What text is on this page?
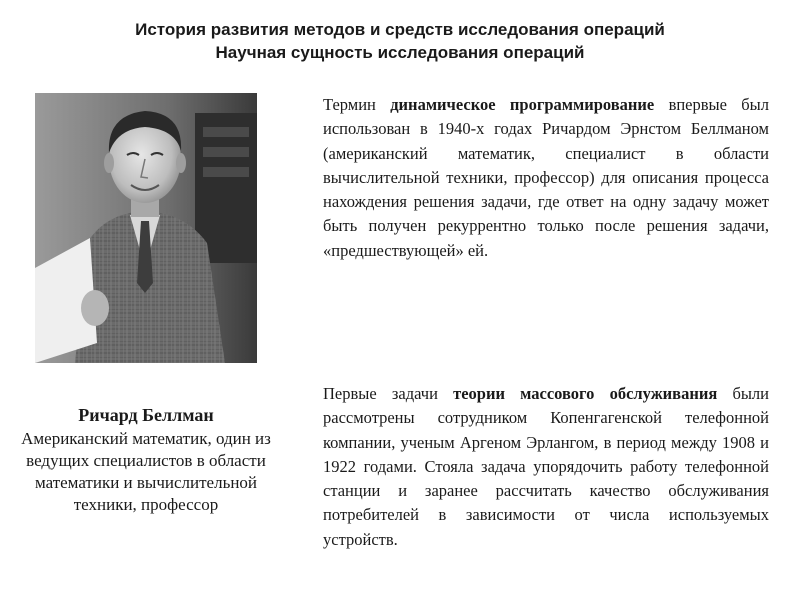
История развития методов и средств исследования операций
Научная сущность исследования операций
Ричард Беллман
Американский математик, один из ведущих специалистов в области математики и вычислительной техники, профессор
Термин динамическое программирование впервые был использован в 1940-х годах Ричардом Эрнстом Беллманом (американский математик, специалист в области вычислительной техники, профессор) для описания процесса нахождения решения задачи, где ответ на одну задачу может быть получен рекуррентно только после решения задачи, «предшествующей» ей.
Первые задачи теории массового обслуживания были рассмотрены сотрудником Копенгагенской телефонной компании, ученым Аргеном Эрлангом, в период между 1908 и 1922 годами. Стояла задача упорядочить работу телефонной станции и заранее рассчитать качество обслуживания потребителей в зависимости от числа используемых устройств.
